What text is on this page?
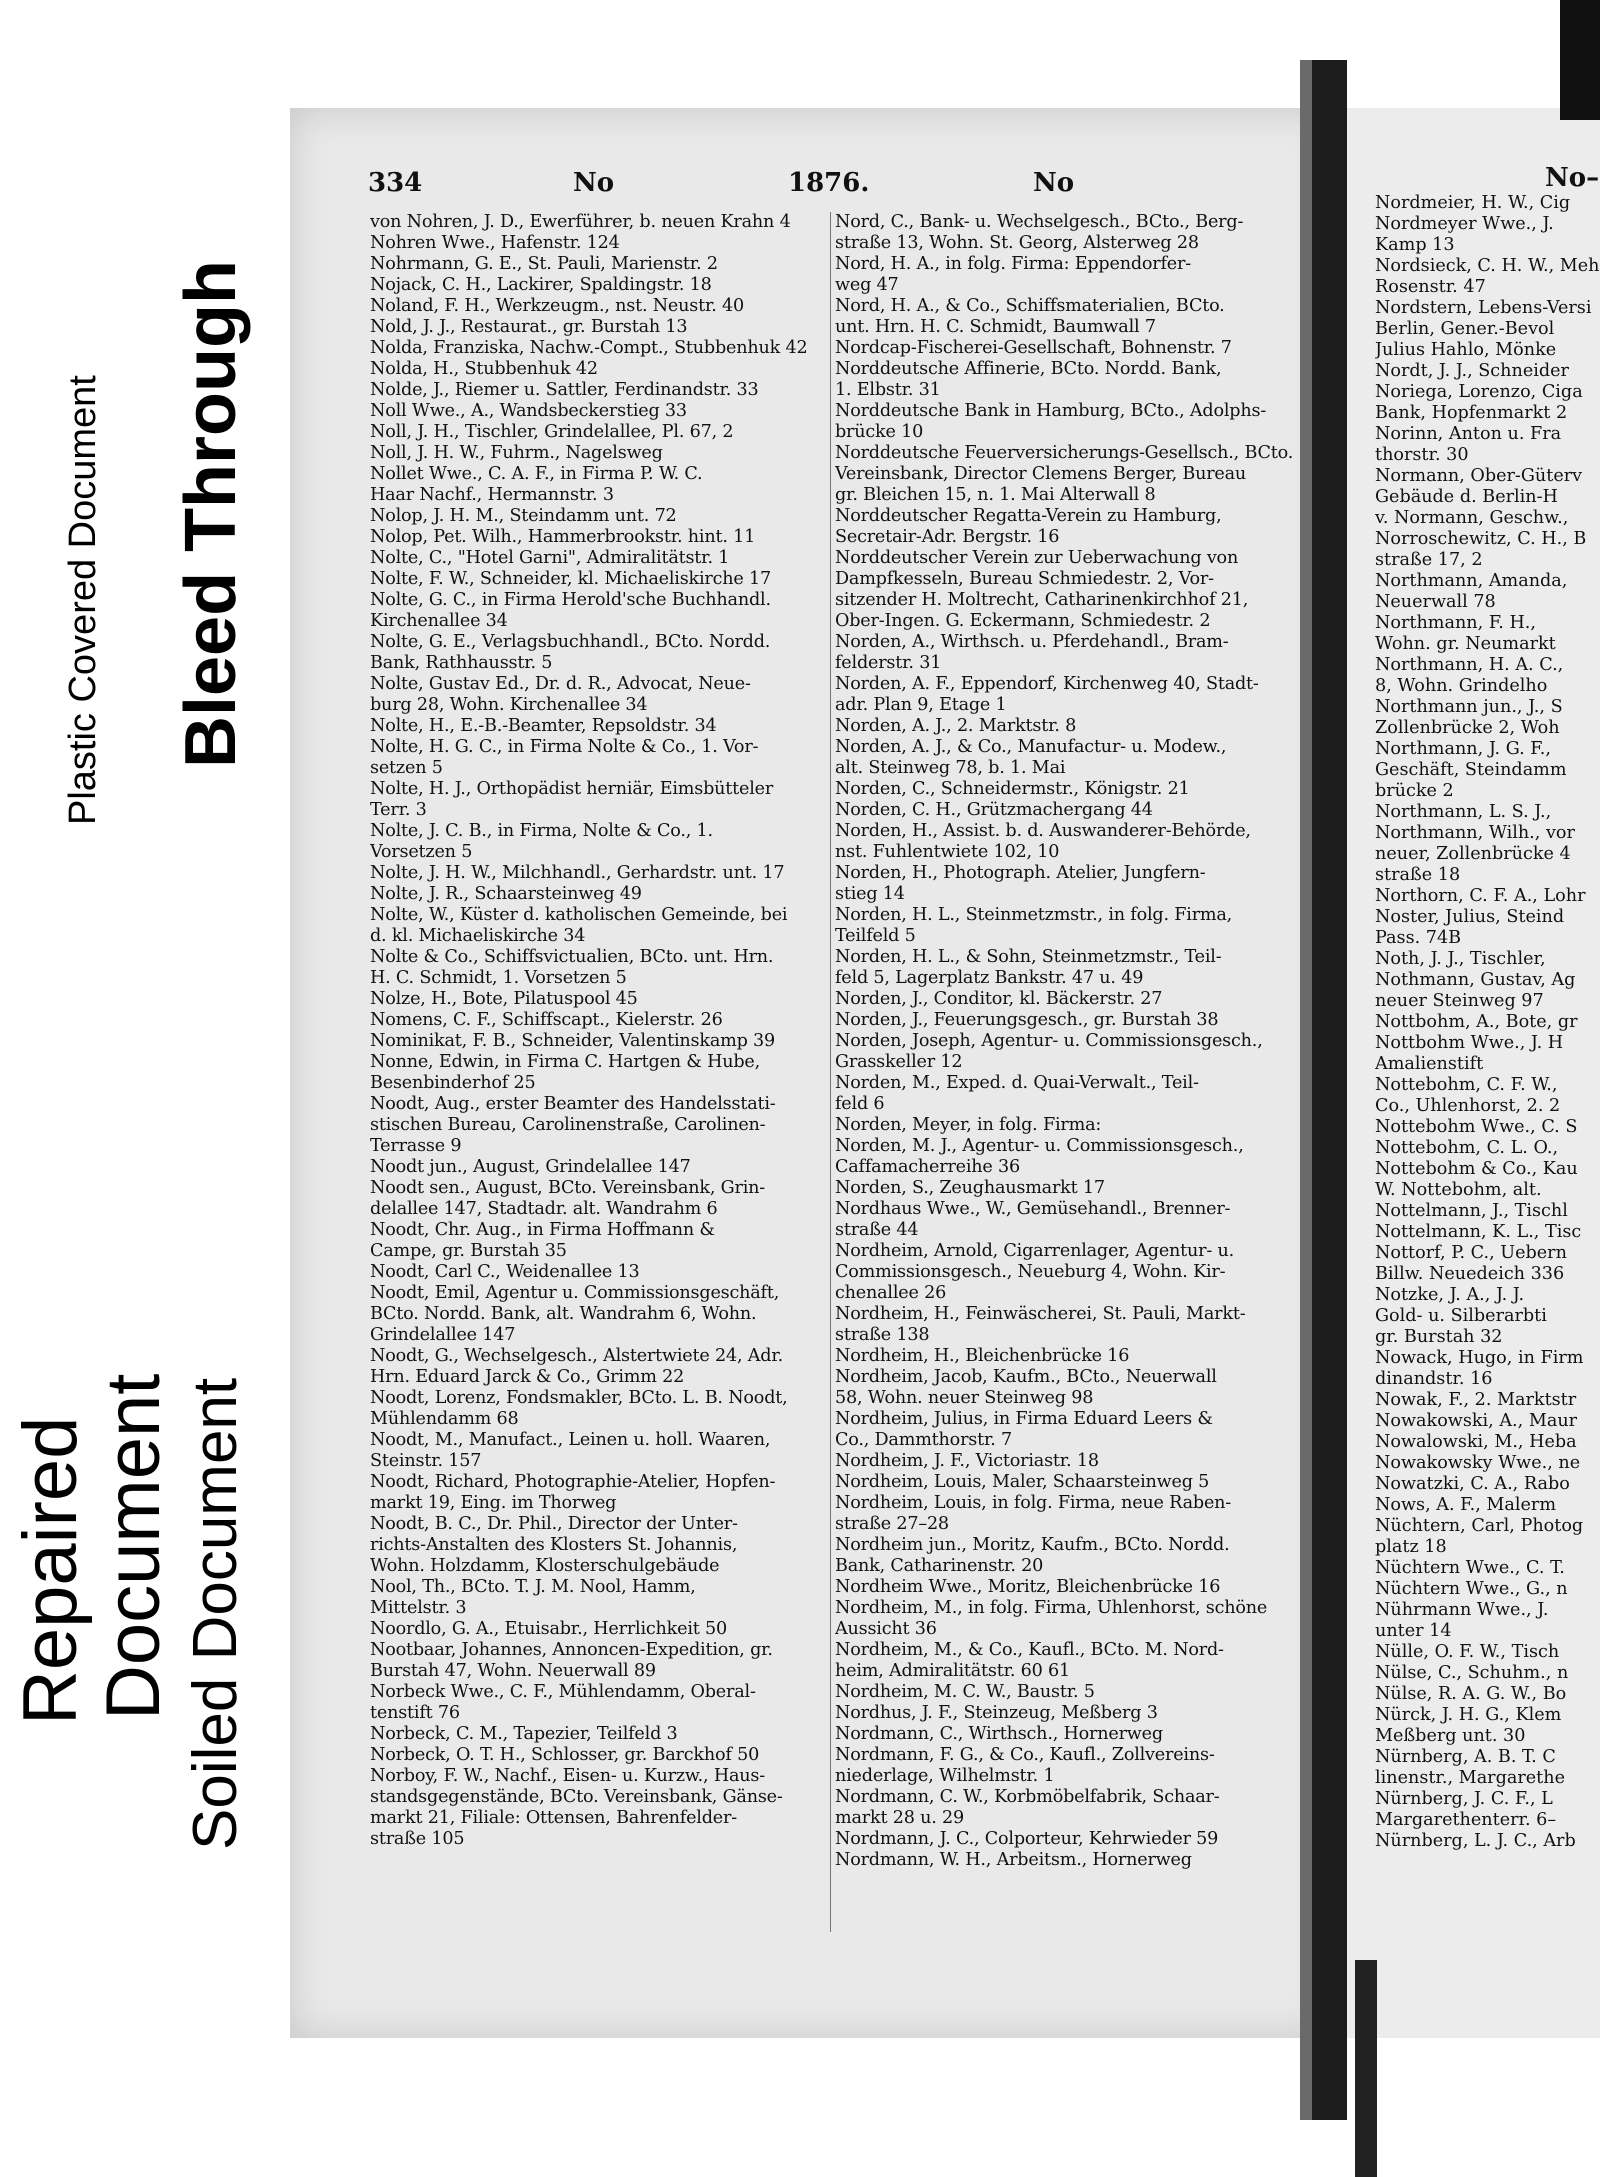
Plastic Covered Document Bleed Through
Repaired
Document Soiled Document
334	No	1876.	No
von Nohren, J. D., Ewerführer, b. neuen Krahn 4
Nohren Wwe., Hafenstr. 124
Nohrmann, G. E., St. Pauli, Marienstr. 2
Nojack, C. H., Lackirer, Spaldingstr. 18
Noland, F. H., Werkzeugm., nst. Neustr. 40
Nold, J. J., Restaurat., gr. Burstah 13
Nolda, Franziska, Nachw.-Compt., Stubbenhuk 42
Nolda, H., Stubbenhuk 42
Nolde, J., Riemer u. Sattler, Ferdinandstr. 33
Noll Wwe., A., Wandsbeckerstieg 33
Noll, J. H., Tischler, Grindelallee, Pl. 67, 2
Noll, J. H. W., Fuhrm., Nagelsweg
Nollet Wwe., C. A. F., in Firma P. W. C.
Haar Nachf., Hermannstr. 3
Nolop, J. H. M., Steindamm unt. 72
Nolop, Pet. Wilh., Hammerbrookstr. hint. 11
Nolte, C., "Hotel Garni", Admiralitätstr. 1
Nolte, F. W., Schneider, kl. Michaeliskirche 17
Nolte, G. C., in Firma Herold'sche Buchhandl.
Kirchenallee 34
Nolte, G. E., Verlagsbuchhandl., BCto. Nordd.
Bank, Rathhausstr. 5
Nolte, Gustav Ed., Dr. d. R., Advocat, Neue-
burg 28, Wohn. Kirchenallee 34
Nolte, H., E.-B.-Beamter, Repsoldstr. 34
Nolte, H. G. C., in Firma Nolte & Co., 1. Vor-
setzen 5
Nolte, H. J., Orthopädist herniär, Eimsbütteler
Terr. 3
Nolte, J. C. B., in Firma, Nolte & Co., 1.
Vorsetzen 5
Nolte, J. H. W., Milchhandl., Gerhardstr. unt. 17
Nolte, J. R., Schaarsteinweg 49
Nolte, W., Küster d. katholischen Gemeinde, bei
d. kl. Michaeliskirche 34
Nolte & Co., Schiffsvictualien, BCto. unt. Hrn.
H. C. Schmidt, 1. Vorsetzen 5
Nolze, H., Bote, Pilatuspool 45
Nomens, C. F., Schiffscapt., Kielerstr. 26
Nominikat, F. B., Schneider, Valentinskamp 39
Nonne, Edwin, in Firma C. Hartgen & Hube,
Besenbinderhof 25
Noodt, Aug., erster Beamter des Handelsstati-
stischen Bureau, Carolinenstraße, Carolinen-
Terrasse 9
Noodt jun., August, Grindelallee 147
Noodt sen., August, BCto. Vereinsbank, Grin-
delallee 147, Stadtadr. alt. Wandrahm 6
Noodt, Chr. Aug., in Firma Hoffmann &
Campe, gr. Burstah 35
Noodt, Carl C., Weidenallee 13
Noodt, Emil, Agentur u. Commissionsgeschäft,
BCto. Nordd. Bank, alt. Wandrahm 6, Wohn.
Grindelallee 147
Noodt, G., Wechselgesch., Alstertwiete 24, Adr.
Hrn. Eduard Jarck & Co., Grimm 22
Noodt, Lorenz, Fondsmakler, BCto. L. B. Noodt,
Mühlendamm 68
Noodt, M., Manufact., Leinen u. holl. Waaren,
Steinstr. 157
Noodt, Richard, Photographie-Atelier, Hopfen-
markt 19, Eing. im Thorweg
Noodt, B. C., Dr. Phil., Director der Unter-
richts-Anstalten des Klosters St. Johannis,
Wohn. Holzdamm, Klosterschulgebäude
Nool, Th., BCto. T. J. M. Nool, Hamm,
Mittelstr. 3
Noordlo, G. A., Etuisabr., Herrlichkeit 50
Nootbaar, Johannes, Annoncen-Expedition, gr.
Burstah 47, Wohn. Neuerwall 89
Norbeck Wwe., C. F., Mühlendamm, Oberal-
tenstift 76
Norbeck, C. M., Tapezier, Teilfeld 3
Norbeck, O. T. H., Schlosser, gr. Barckhof 50
Norboy, F. W., Nachf., Eisen- u. Kurzw., Haus-
standsgegenstände, BCto. Vereinsbank, Gänse-
markt 21, Filiale: Ottensen, Bahrenfelder-
straße 105
Nord, C., Bank- u. Wechselgesch., BCto., Berg-
straße 13, Wohn. St. Georg, Alsterweg 28
Nord, H. A., in folg. Firma: Eppendorfer-
weg 47
Nord, H. A., & Co., Schiffsmaterialien, BCto.
unt. Hrn. H. C. Schmidt, Baumwall 7
Nordcap-Fischerei-Gesellschaft, Bohnenstr. 7
Norddeutsche Affinerie, BCto. Nordd. Bank,
1. Elbstr. 31
Norddeutsche Bank in Hamburg, BCto., Adolphs-
brücke 10
Norddeutsche Feuerversicherungs-Gesellsch., BCto.
Vereinsbank, Director Clemens Berger, Bureau
gr. Bleichen 15, n. 1. Mai Alterwall 8
Norddeutscher Regatta-Verein zu Hamburg,
Secretair-Adr. Bergstr. 16
Norddeutscher Verein zur Ueberwachung von
Dampfkesseln, Bureau Schmiedestr. 2, Vor-
sitzender H. Moltrecht, Catharinenkirchhof 21,
Ober-Ingen. G. Eckermann, Schmiedestr. 2
Norden, A., Wirthsch. u. Pferdehandl., Bram-
felderstr. 31
Norden, A. F., Eppendorf, Kirchenweg 40, Stadt-
adr. Plan 9, Etage 1
Norden, A. J., 2. Marktstr. 8
Norden, A. J., & Co., Manufactur- u. Modew.,
alt. Steinweg 78, b. 1. Mai
Norden, C., Schneidermstr., Königstr. 21
Norden, C. H., Grützmachergang 44
Norden, H., Assist. b. d. Auswanderer-Behörde,
nst. Fuhlentwiete 102, 10
Norden, H., Photograph. Atelier, Jungfern-
stieg 14
Norden, H. L., Steinmetzmstr., in folg. Firma,
Teilfeld 5
Norden, H. L., & Sohn, Steinmetzmstr., Teil-
feld 5, Lagerplatz Bankstr. 47 u. 49
Norden, J., Conditor, kl. Bäckerstr. 27
Norden, J., Feuerungsgesch., gr. Burstah 38
Norden, Joseph, Agentur- u. Commissionsgesch.,
Grasskeller 12
Norden, M., Exped. d. Quai-Verwalt., Teil-
feld 6
Norden, Meyer, in folg. Firma:
Norden, M. J., Agentur- u. Commissionsgesch.,
Caffamacherreihe 36
Norden, S., Zeughausmarkt 17
Nordhaus Wwe., W., Gemüsehandl., Brenner-
straße 44
Nordheim, Arnold, Cigarrenlager, Agentur- u.
Commissionsgesch., Neueburg 4, Wohn. Kir-
chenallee 26
Nordheim, H., Feinwäscherei, St. Pauli, Markt-
straße 138
Nordheim, H., Bleichenbrücke 16
Nordheim, Jacob, Kaufm., BCto., Neuerwall
58, Wohn. neuer Steinweg 98
Nordheim, Julius, in Firma Eduard Leers &
Co., Dammthorstr. 7
Nordheim, J. F., Victoriastr. 18
Nordheim, Louis, Maler, Schaarsteinweg 5
Nordheim, Louis, in folg. Firma, neue Raben-
straße 27–28
Nordheim jun., Moritz, Kaufm., BCto. Nordd.
Bank, Catharinenstr. 20
Nordheim Wwe., Moritz, Bleichenbrücke 16
Nordheim, M., in folg. Firma, Uhlenhorst, schöne
Aussicht 36
Nordheim, M., & Co., Kaufl., BCto. M. Nord-
heim, Admiralitätstr. 60 61
Nordheim, M. C. W., Baustr. 5
Nordhus, J. F., Steinzeug, Meßberg 3
Nordmann, C., Wirthsch., Hornerweg
Nordmann, F. G., & Co., Kaufl., Zollvereins-
niederlage, Wilhelmstr. 1
Nordmann, C. W., Korbmöbelfabrik, Schaar-
markt 28 u. 29
Nordmann, J. C., Colporteur, Kehrwieder 59
Nordmann, W. H., Arbeitsm., Hornerweg
No–
Nordmeier, H. W., Cig
Nordmeyer Wwe., J.
Kamp 13
Nordsieck, C. H. W., Meh
Rosenstr. 47
Nordstern, Lebens-Versi
Berlin, Gener.-Bevol
Julius Hahlo, Mönke
Nordt, J. J., Schneider
Noriega, Lorenzo, Ciga
Bank, Hopfenmarkt 2
Norinn, Anton u. Fra
thorstr. 30
Normann, Ober-Güterv
Gebäude d. Berlin-H
v. Normann, Geschw.,
Norroschewitz, C. H., B
straße 17, 2
Northmann, Amanda,
Neuerwall 78
Northmann, F. H.,
Wohn. gr. Neumarkt
Northmann, H. A. C.,
8, Wohn. Grindelho
Northmann jun., J., S
Zollenbrücke 2, Woh
Northmann, J. G. F.,
Geschäft, Steindamm
brücke 2
Northmann, L. S. J.,
Northmann, Wilh., vor
neuer, Zollenbrücke 4
straße 18
Northorn, C. F. A., Lohr
Noster, Julius, Steind
Pass. 74B
Noth, J. J., Tischler,
Nothmann, Gustav, Ag
neuer Steinweg 97
Nottbohm, A., Bote, gr
Nottbohm Wwe., J. H
Amalienstift
Nottebohm, C. F. W.,
Co., Uhlenhorst, 2. 2
Nottebohm Wwe., C. S
Nottebohm, C. L. O.,
Nottebohm & Co., Kau
W. Nottebohm, alt.
Nottelmann, J., Tischl
Nottelmann, K. L., Tisc
Nottorf, P. C., Uebern
Billw. Neuedeich 336
Notzke, J. A., J. J.
Gold- u. Silberarbti
gr. Burstah 32
Nowack, Hugo, in Firm
dinandstr. 16
Nowak, F., 2. Marktstr
Nowakowski, A., Maur
Nowalowski, M., Heba
Nowakowsky Wwe., ne
Nowatzki, C. A., Rabo
Nows, A. F., Malerm
Nüchtern, Carl, Photog
platz 18
Nüchtern Wwe., C. T.
Nüchtern Wwe., G., n
Nührmann Wwe., J.
unter 14
Nülle, O. F. W., Tisch
Nülse, C., Schuhm., n
Nülse, R. A. G. W., Bo
Nürck, J. H. G., Klem
Meßberg unt. 30
Nürnberg, A. B. T. C
linenstr., Margarethe
Nürnberg, J. C. F., L
Margarethenterr. 6–
Nürnberg, L. J. C., Arb
